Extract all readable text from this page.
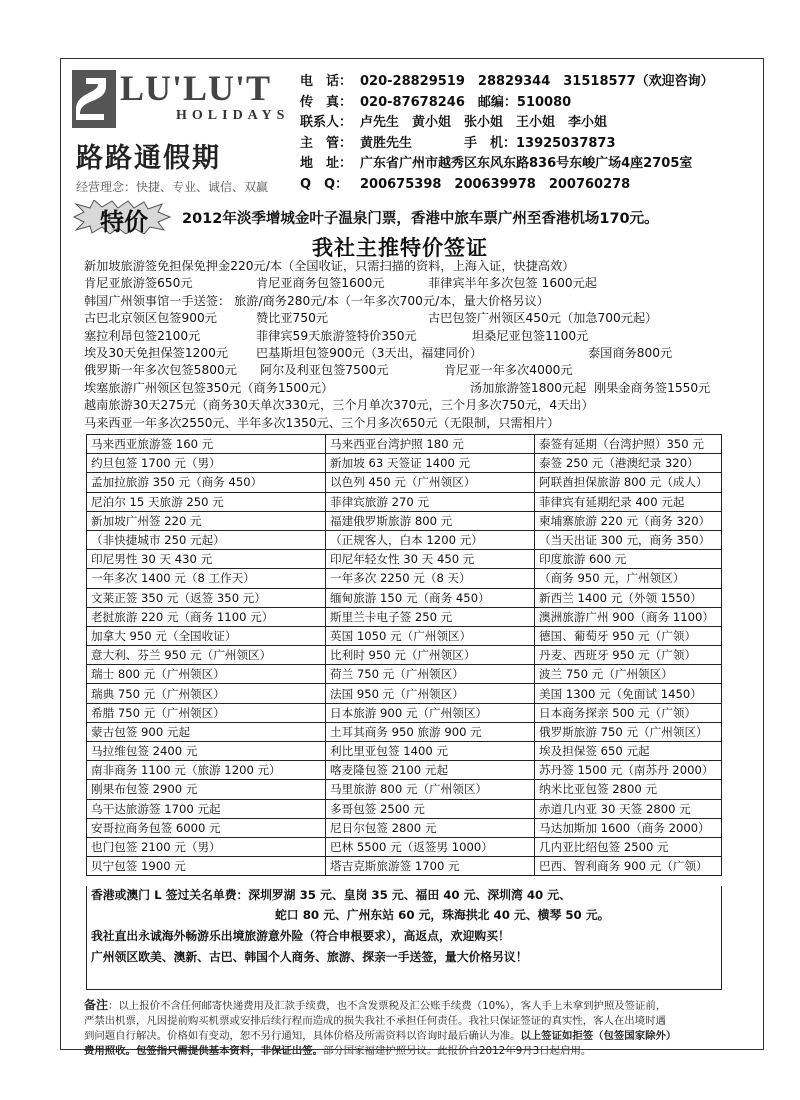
LU'LU'T
HOLIDAYS
路路通假期
经营理念：快捷、专业、诚信、双赢
电　话： 020-28829519　28829344　31518577（欢迎咨询）
传　真： 020-87678246　邮编：510080
联系人： 卢先生　黄小姐　张小姐　王小姐　李小姐
主　管： 黄胜先生　　　　手　机：13925037873
地　址： 广东省广州市越秀区东风东路836号东峻广场4座2705室
Q　Q： 200675398　200639978　200760278
特价	2012年淡季增城金叶子温泉门票，香港中旅车票广州至香港机场170元。
我社主推特价签证
新加坡旅游签免担保免押金220元/本（全国收证，只需扫描的资料，上海入证，快捷高效）
肯尼亚旅游签650元	肯尼亚商务包签1600元	菲律宾半年多次包签 1600元起
韩国广州领事馆一手送签： 旅游/商务280元/本（一年多次700元/本，量大价格另议）
古巴北京领区包签900元	赞比亚750元	古巴包签广州领区450元（加急700元起）
塞拉利昂包签2100元	菲律宾59天旅游签特价350元	坦桑尼亚包签1100元
埃及30天免担保签1200元 巴基斯坦包签900元（3天出，福建同价）	泰国商务800元
俄罗斯一年多次包签5800元 阿尔及利亚包签7500元	肯尼亚一年多次4000元
埃塞旅游广州领区包签350元（商务1500元）	汤加旅游签1800元起 刚果金商务签1550元
越南旅游30天275元（商务30天单次330元，三个月单次370元，三个月多次750元，4天出）
马来西亚一年多次2550元、半年多次1350元、三个月多次650元（无限制，只需相片）
马来西亚旅游签 160 元	马来西亚台湾护照 180 元	泰签有延期（台湾护照）350 元
约旦包签 1700 元（男）	新加坡 63 天签证 1400 元	泰签 250 元（港澳纪录 320）
孟加拉旅游 350 元（商务 450）	以色列 450 元（广州领区）	阿联酋担保旅游 800 元（成人）
尼泊尔 15 天旅游 250 元	菲律宾旅游 270 元	菲律宾有延期纪录 400 元起
新加坡广州签 220 元	福建俄罗斯旅游 800 元	柬埔寨旅游 220 元（商务 320）
（非快捷城市 250 元起）	（正规客人，白本 1200 元）	（当天出证 300 元，商务 350）
印尼男性 30 天 430 元	印尼年轻女性 30 天 450 元	印度旅游 600 元
一年多次 1400 元（8 工作天）	一年多次 2250 元（8 天）	（商务 950 元，广州领区）
文莱正签 350 元（返签 350 元）	缅甸旅游 150 元（商务 450）	新西兰 1400 元（外领 1550）
老挝旅游 220 元（商务 1100 元）	斯里兰卡电子签 250 元	澳洲旅游广州 900（商务 1100）
加拿大 950 元（全国收证）	英国 1050 元（广州领区）	德国、葡萄牙 950 元（广领）
意大利、芬兰 950 元（广州领区）	比利时 950 元（广州领区）	丹麦、西班牙 950 元（广领）
瑞士 800 元（广州领区）	荷兰 750 元（广州领区）	波兰 750 元（广州领区）
瑞典 750 元（广州领区）	法国 950 元（广州领区）	美国 1300 元（免面试 1450）
希腊 750 元（广州领区）	日本旅游 900 元（广州领区）	日本商务探亲 500 元（广领）
蒙古包签 900 元起	土耳其商务 950 旅游 900 元	俄罗斯旅游 750 元（广州领区）
马拉维包签 2400 元	利比里亚包签 1400 元	埃及担保签 650 元起
南非商务 1100 元（旅游 1200 元）	喀麦隆包签 2100 元起	苏丹签 1500 元（南苏丹 2000）
刚果布包签 2900 元	马里旅游 800 元（广州领区）	纳米比亚包签 2800 元
乌干达旅游签 1700 元起	多哥包签 2500 元	赤道几内亚 30 天签 2800 元
安哥拉商务包签 6000 元	尼日尔包签 2800 元	马达加斯加 1600（商务 2000）
也门包签 2100 元（男）	巴林 5500 元（返签男 1000）	几内亚比绍包签 2500 元
贝宁包签 1900 元	塔吉克斯旅游签 1700 元	巴西、智利商务 900 元（广领）
香港或澳门 L 签过关名单费：深圳罗湖 35 元、皇岗 35 元、福田 40 元、深圳湾 40 元、
蛇口 80 元、广州东站 60 元，珠海拱北 40 元、横琴 50 元。
我社直出永诚海外畅游乐出境旅游意外险（符合申根要求），高返点，欢迎购买！
广州领区欧美、澳新、古巴、韩国个人商务、旅游、探亲一手送签，量大价格另议！
备注：以上报价不含任何邮寄快递费用及汇款手续费，也不含发票税及汇公账手续费（10%），客人手上未拿到护照及签证前，
严禁出机票，凡因提前购买机票或安排后续行程而造成的损失我社不承担任何责任。我社只保证签证的真实性，客人在出境时遇
到问题自行解决。价格如有变动，恕不另行通知，具体价格及所需资料以咨询时最后确认为准。以上签证如拒签（包签国家除外）
费用照收。包签指只需提供基本资料，非保证出签。部分国家福建护照另议。此报价自2012年9月3日起启用。
